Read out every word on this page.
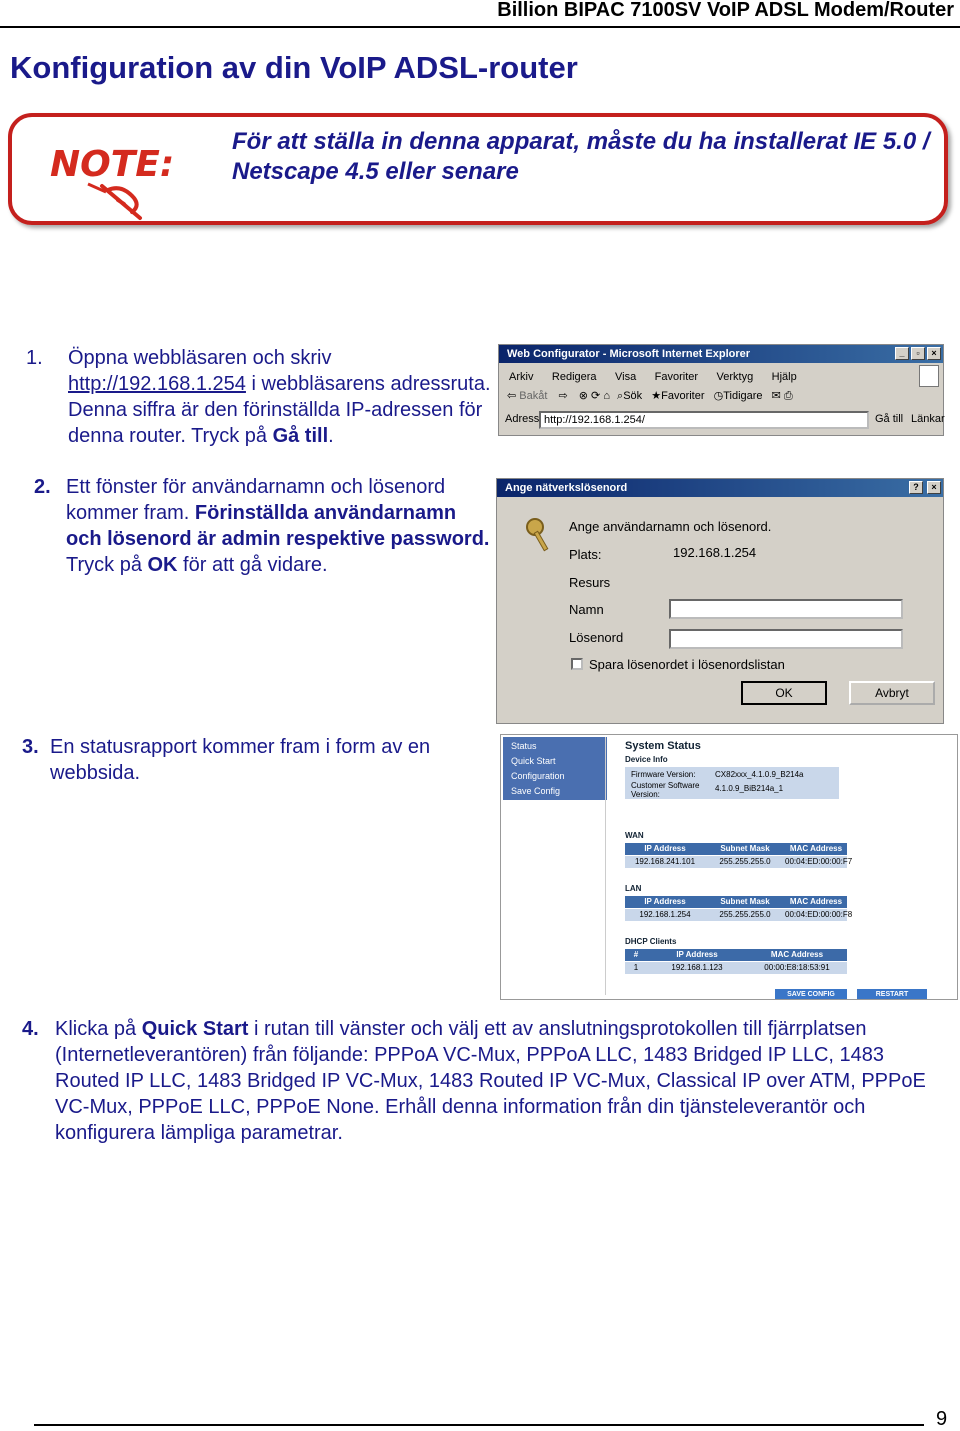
Billion BIPAC 7100SV VoIP ADSL Modem/Router
Konfiguration av din VoIP ADSL-router
NOTE:
För att ställa in denna apparat, måste du ha installerat IE 5.0 / Netscape 4.5 eller senare
1. Öppna webbläsaren och skriv
http://192.168.1.254 i webbläsarens adressruta. Denna siffra är den förinställda IP-adressen för denna router. Tryck på Gå till.
2. Ett fönster för användarnamn och lösenord kommer fram. Förinställda användarnamn och lösenord är admin respektive password. Tryck på OK för att gå vidare.
Web Configurator - Microsoft Internet Explorer	_	▫	×
Arkiv Redigera Visa Favoriter Verktyg Hjälp
⇦ Bakåt ⇨ ⊗ ⟳ ⌂ ⌕Sök ★Favoriter ◷Tidigare ✉ ⎙
Adress http://192.168.1.254/	Gå till Länkar
Ange nätverkslösenord	?	×
Ange användarnamn och lösenord.
Plats:	192.168.1.254
Resurs
Namn
Lösenord
Spara lösenordet i lösenordslistan
OK	Avbryt
3. En statusrapport kommer fram i form av en webbsida.
Status
Quick Start
Configuration
Save Config
System Status
Device Info
Firmware Version:	CX82xxx_4.1.0.9_B214a
Customer Software Version:
4.1.0.9_BiB214a_1
WAN
IP Address	Subnet Mask	MAC Address
192.168.241.101	255.255.255.0	00:04:ED:00:00:F7
LAN
IP Address	Subnet Mask	MAC Address
192.168.1.254	255.255.255.0	00:04:ED:00:00:F8
DHCP Clients
#	IP Address	MAC Address
1	192.168.1.123	00:00:E8:18:53:91
SAVE CONFIG	RESTART
4. Klicka på Quick Start i rutan till vänster och välj ett av anslutningsprotokollen till fjärrplatsen (Internetleverantören) från följande: PPPoA VC-Mux, PPPoA LLC, 1483 Bridged IP LLC, 1483 Routed IP LLC, 1483 Bridged IP VC-Mux, 1483 Routed IP VC-Mux, Classical IP over ATM, PPPoE VC-Mux, PPPoE LLC, PPPoE None. Erhåll denna information från din tjänsteleverantör och konfigurera lämpliga parametrar.
9
